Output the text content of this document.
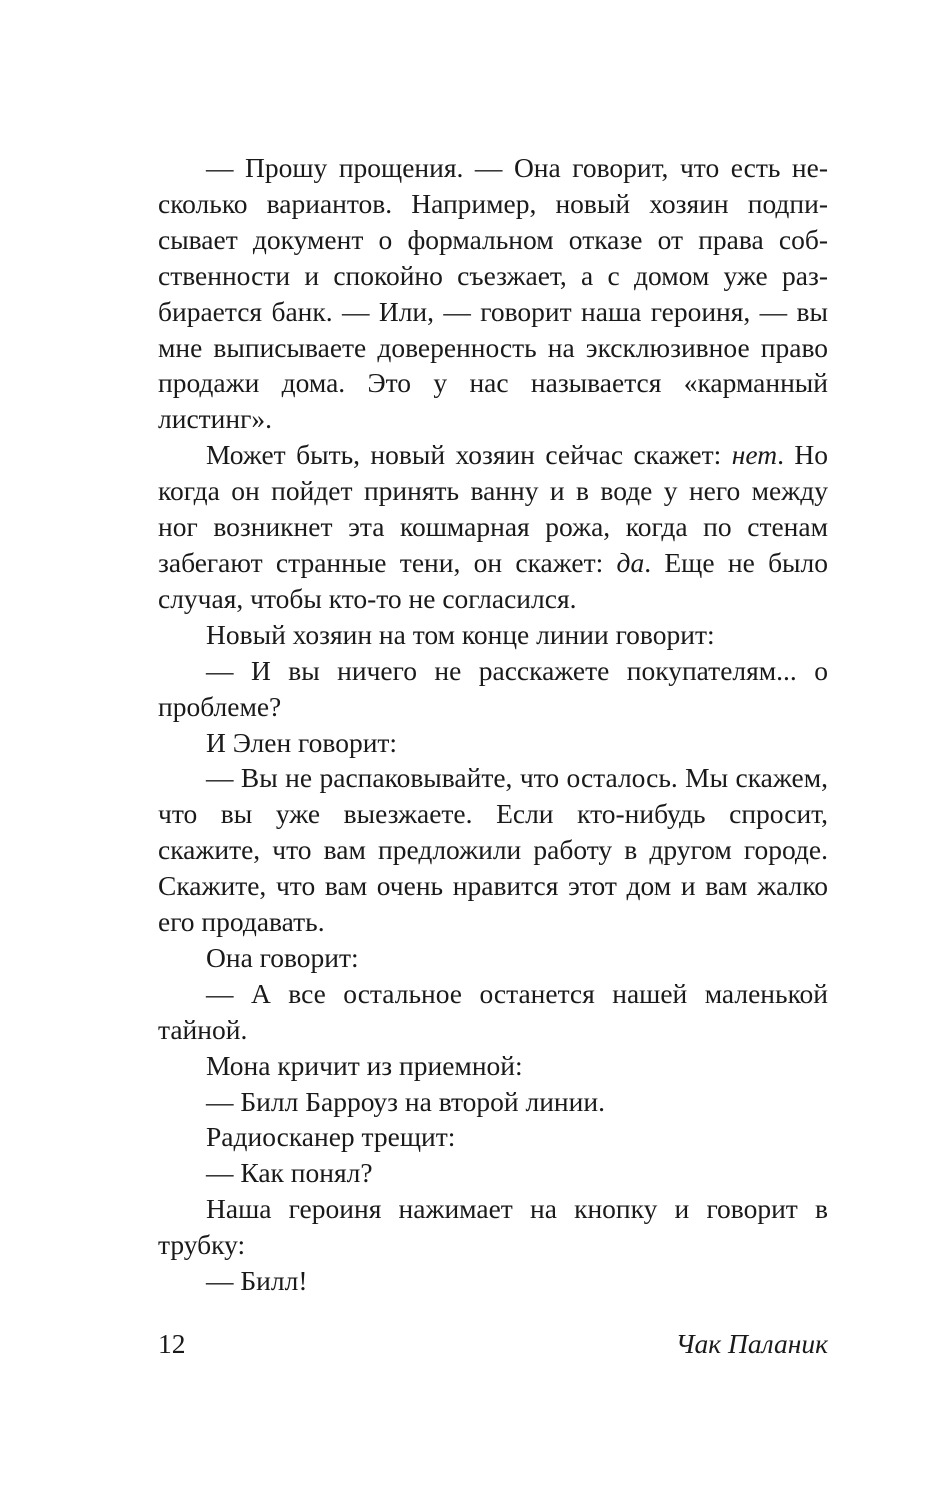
— Прошу прощения. — Она говорит, что есть несколько вариантов. Например, новый хозяин подписывает документ о формальном отказе от права собственности и спокойно съезжает, а с домом уже разбирается банк. — Или, — говорит наша героиня, — вы мне выписываете доверенность на эксклюзивное право продажи дома. Это у нас называется «карманный листинг».

Может быть, новый хозяин сейчас скажет: нет. Но когда он пойдет принять ванну и в воде у него между ног возникнет эта кошмарная рожа, когда по стенам забегают странные тени, он скажет: да. Еще не было случая, чтобы кто-то не согласился.

Новый хозяин на том конце линии говорит:

— И вы ничего не расскажете покупателям... о проблеме?

И Элен говорит:

— Вы не распаковывайте, что осталось. Мы скажем, что вы уже выезжаете. Если кто-нибудь спросит, скажите, что вам предложили работу в другом городе. Скажите, что вам очень нравится этот дом и вам жалко его продавать.

Она говорит:

— А все остальное останется нашей маленькой тайной.

Мона кричит из приемной:

— Билл Барроуз на второй линии.

Радиосканер трещит:

— Как понял?

Наша героиня нажимает на кнопку и говорит в трубку:

— Билл!

12	Чак Паланик
